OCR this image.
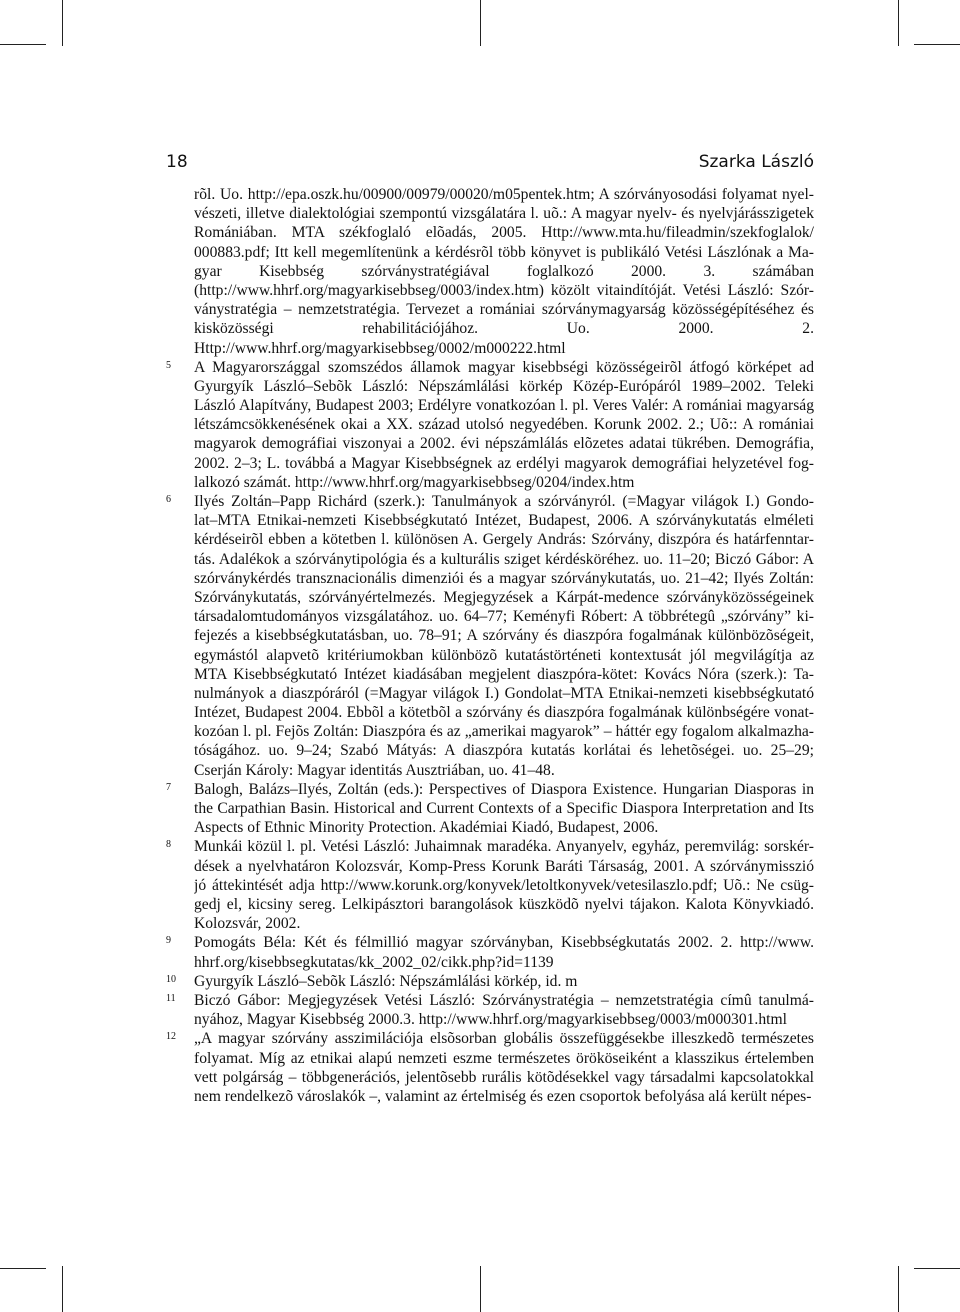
18	Szarka László
rõl. Uo. http://epa.oszk.hu/00900/00979/00020/m05pentek.htm; A szórványosodási folyamat nyel-
vészeti, illetve dialektológiai szempontú vizsgálatára l. uõ.: A magyar nyelv- és nyelvjárásszigetek
Romániában. MTA székfoglaló elõadás, 2005. Http://www.mta.hu/fileadmin/szekfoglalok/
000883.pdf; Itt kell megemlítenünk a kérdésrõl több könyvet is publikáló Vetési Lászlónak a Ma-
gyar Kisebbség szórványstratégiával foglalkozó 2000. 3. számában
(http://www.hhrf.org/magyarkisebbseg/0003/index.htm) közölt vitaindítóját. Vetési László: Szór-
ványstratégia – nemzetstratégia. Tervezet a romániai szórványmagyarság közösségépítéséhez és
kisközösségi rehabilitációjához. Uo. 2000. 2.
Http://www.hhrf.org/magyarkisebbseg/0002/m000222.html
5 A Magyarországgal szomszédos államok magyar kisebbségi közösségeirõl átfogó körképet ad
Gyurgyík László–Sebõk László: Népszámlálási körkép Közép-Európáról 1989–2002. Teleki
László Alapítvány, Budapest 2003; Erdélyre vonatkozóan l. pl. Veres Valér: A romániai magyarság
létszámcsökkenésének okai a XX. század utolsó negyedében. Korunk 2002. 2.; Uõ:: A romániai
magyarok demográfiai viszonyai a 2002. évi népszámlálás elõzetes adatai tükrében. Demográfia,
2002. 2–3; L. továbbá a Magyar Kisebbségnek az erdélyi magyarok demográfiai helyzetével fog-
lalkozó számát. http://www.hhrf.org/magyarkisebbseg/0204/index.htm
6 Ilyés Zoltán–Papp Richárd (szerk.): Tanulmányok a szórványról. (=Magyar világok I.) Gondo-
lat–MTA Etnikai-nemzeti Kisebbségkutató Intézet, Budapest, 2006. A szórványkutatás elméleti
kérdéseirõl ebben a kötetben l. különösen A. Gergely András: Szórvány, diszpóra és határfenntar-
tás. Adalékok a szórványtipológia és a kulturális sziget kérdésköréhez. uo. 11–20; Biczó Gábor: A
szórványkérdés transznacionális dimenziói és a magyar szórványkutatás, uo. 21–42; Ilyés Zoltán:
Szórványkutatás, szórványértelmezés. Megjegyzések a Kárpát-medence szórványközösségeinek
társadalomtudományos vizsgálatához. uo. 64–77; Keményfi Róbert: A többrétegû „szórvány” ki-
fejezés a kisebbségkutatásban, uo. 78–91; A szórvány és diaszpóra fogalmának különbözõségeit,
egymástól alapvetõ kritériumokban különbözõ kutatástörténeti kontextusát jól megvilágítja az
MTA Kisebbségkutató Intézet kiadásában megjelent diaszpóra-kötet: Kovács Nóra (szerk.): Ta-
nulmányok a diaszpóráról (=Magyar világok I.) Gondolat–MTA Etnikai-nemzeti kisebbségkutató
Intézet, Budapest 2004. Ebbõl a kötetbõl a szórvány és diaszpóra fogalmának különbségére vonat-
kozóan l. pl. Fejõs Zoltán: Diaszpóra és az „amerikai magyarok” – háttér egy fogalom alkalmazha-
tóságához. uo. 9–24; Szabó Mátyás: A diaszpóra kutatás korlátai és lehetõségei. uo. 25–29;
Cserján Károly: Magyar identitás Ausztriában, uo. 41–48.
7 Balogh, Balázs–Ilyés, Zoltán (eds.): Perspectives of Diaspora Existence. Hungarian Diasporas in
the Carpathian Basin. Historical and Current Contexts of a Specific Diaspora Interpretation and Its
Aspects of Ethnic Minority Protection. Akadémiai Kiadó, Budapest, 2006.
8 Munkái közül l. pl. Vetési László: Juhaimnak maradéka. Anyanyelv, egyház, peremvilág: sorskér-
dések a nyelvhatáron Kolozsvár, Komp-Press Korunk Baráti Társaság, 2001. A szórványmisszió
jó áttekintését adja http://www.korunk.org/konyvek/letoltkonyvek/vetesilaszlo.pdf; Uõ.: Ne csüg-
gedj el, kicsiny sereg. Lelkipásztori barangolások küszködõ nyelvi tájakon. Kalota Könyvkiadó.
Kolozsvár, 2002.
9 Pomogáts Béla: Két és félmillió magyar szórványban, Kisebbségkutatás 2002. 2. http://www.
hhrf.org/kisebbsegkutatas/kk_2002_02/cikk.php?id=1139
10 Gyurgyík László–Sebõk László: Népszámlálási körkép, id. m
11 Biczó Gábor: Megjegyzések Vetési László: Szórványstratégia – nemzetstratégia címû tanulmá-
nyához, Magyar Kisebbség 2000.3. http://www.hhrf.org/magyarkisebbseg/0003/m000301.html
12 „A magyar szórvány asszimilációja elsõsorban globális összefüggésekbe illeszkedõ természetes
folyamat. Míg az etnikai alapú nemzeti eszme természetes örököseiként a klasszikus értelemben
vett polgárság – többgenerációs, jelentõsebb rurális kötõdésekkel vagy társadalmi kapcsolatokkal
nem rendelkezõ városlakók –, valamint az értelmiség és ezen csoportok befolyása alá került népes-
